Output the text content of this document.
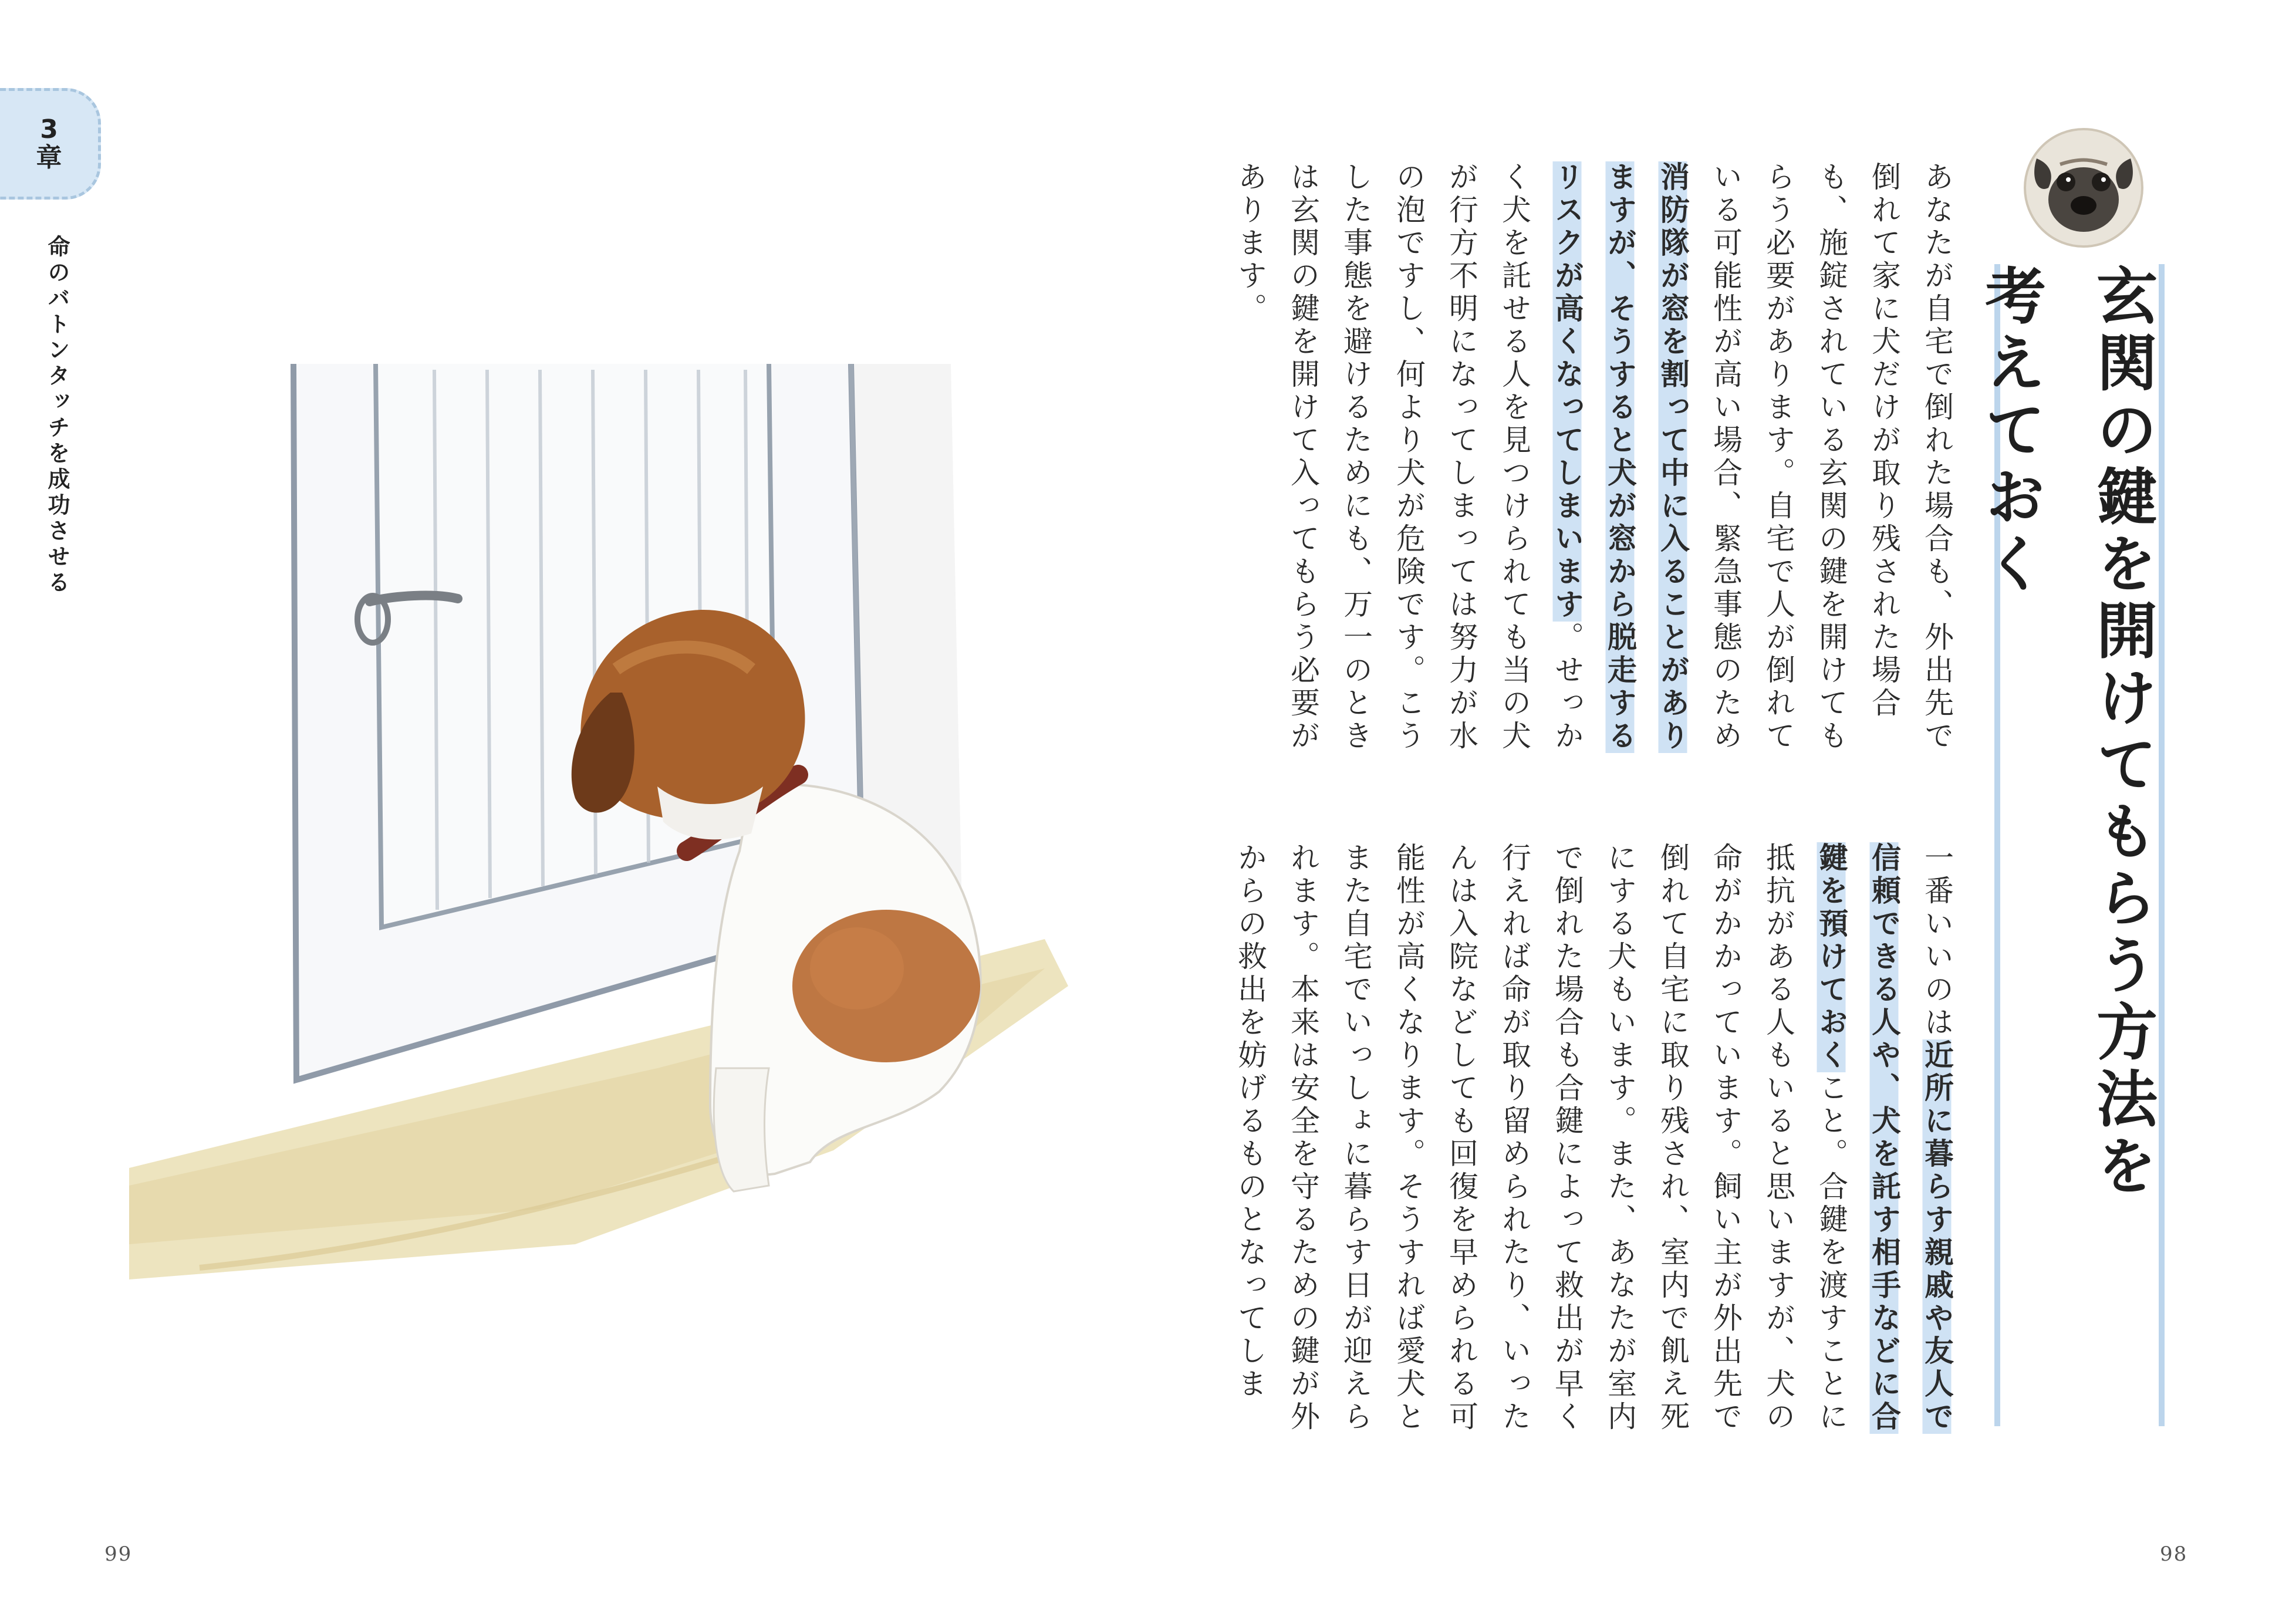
3
章
命のバトンタッチを成功させる	玄関の鍵を開けてもらう方法を
考えておく
あなたが自宅で倒れた場合も、外出先で倒れて家に犬だけが取り残された場合も、施錠されている玄関の鍵を開けてもらう必要があります。自宅で人が倒れている可能性が高い場合、緊急事態のため消防隊が窓を割って中に入ることがありますが、そうすると犬が窓から脱走するリスクが高くなってしまいます。せっかく犬を託せる人を見つけられても当の犬が行方不明になってしまっては努力が水の泡ですし、何より犬が危険です。こうした事態を避けるためにも、万一のときは玄関の鍵を開けて入ってもらう必要があります。
一番いいのは近所に暮らす親戚や友人で信頼できる人や、犬を託す相手などに合鍵を預けておくこと。合鍵を渡すことに抵抗がある人もいると思いますが、犬の命がかかっています。飼い主が外出先で倒れて自宅に取り残され、室内で飢え死にする犬もいます。また、あなたが室内で倒れた場合も合鍵によって救出が早く行えれば命が取り留められたり、いったんは入院などしても回復を早められる可能性が高くなります。そうすれば愛犬とまた自宅でいっしょに暮らす日が迎えられます。本来は安全を守るための鍵が外からの救出を妨げるものとなってしま
99	98
